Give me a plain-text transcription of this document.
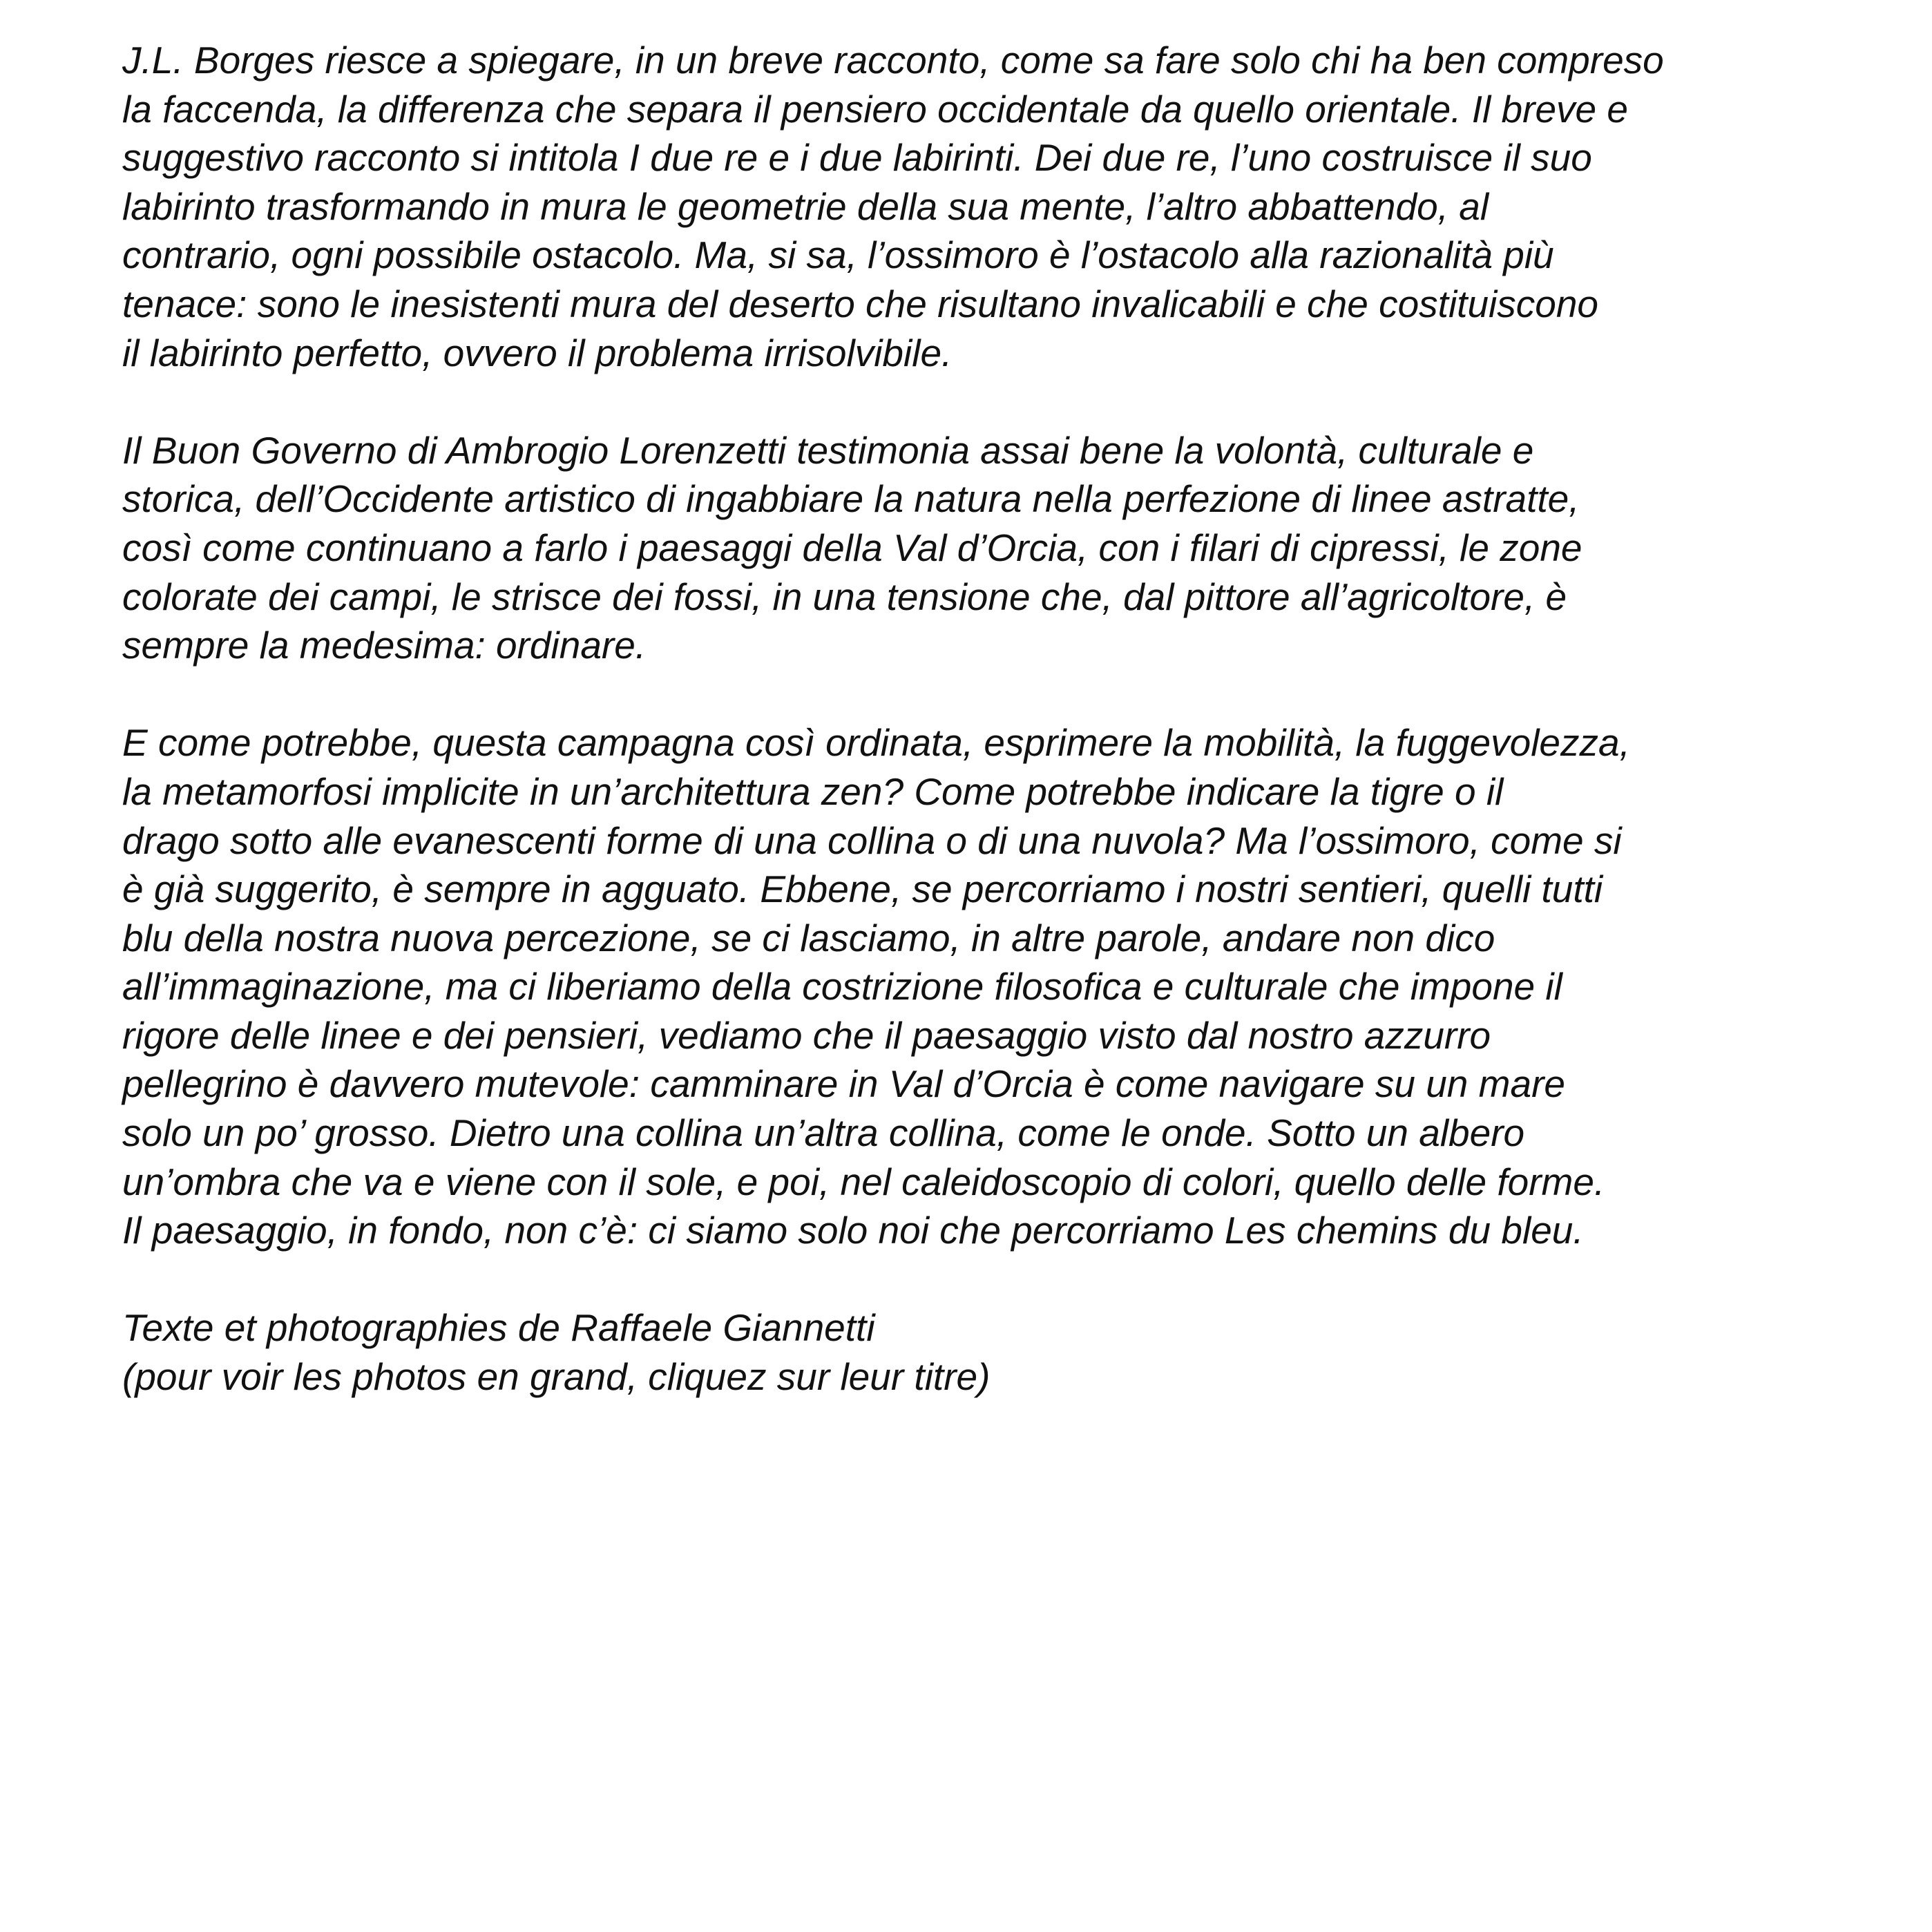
J.L. Borges riesce a spiegare, in un breve racconto, come sa fare solo chi ha ben compreso
la faccenda, la differenza che separa il pensiero occidentale da quello orientale. Il breve e
suggestivo racconto si intitola I due re e i due labirinti. Dei due re, l’uno costruisce il suo
labirinto trasformando in mura le geometrie della sua mente, l’altro abbattendo, al
contrario, ogni possibile ostacolo. Ma, si sa, l’ossimoro è l’ostacolo alla razionalità più
tenace: sono le inesistenti mura del deserto che risultano invalicabili e che costituiscono
il labirinto perfetto, ovvero il problema irrisolvibile.

Il Buon Governo di Ambrogio Lorenzetti testimonia assai bene la volontà, culturale e
storica, dell’Occidente artistico di ingabbiare la natura nella perfezione di linee astratte,
così come continuano a farlo i paesaggi della Val d’Orcia, con i filari di cipressi, le zone
colorate dei campi, le strisce dei fossi, in una tensione che, dal pittore all’agricoltore, è
sempre la medesima: ordinare.

E come potrebbe, questa campagna così ordinata, esprimere la mobilità, la fuggevolezza,
la metamorfosi implicite in un’architettura zen? Come potrebbe indicare la tigre o il
drago sotto alle evanescenti forme di una collina o di una nuvola? Ma l’ossimoro, come si
è già suggerito, è sempre in agguato. Ebbene, se percorriamo i nostri sentieri, quelli tutti
blu della nostra nuova percezione, se ci lasciamo, in altre parole, andare non dico
all’immaginazione, ma ci liberiamo della costrizione filosofica e culturale che impone il
rigore delle linee e dei pensieri, vediamo che il paesaggio visto dal nostro azzurro
pellegrino è davvero mutevole: camminare in Val d’Orcia è come navigare su un mare
solo un po’ grosso. Dietro una collina un’altra collina, come le onde. Sotto un albero
un’ombra che va e viene con il sole, e poi, nel caleidoscopio di colori, quello delle forme.
Il paesaggio, in fondo, non c’è: ci siamo solo noi che percorriamo Les chemins du bleu.

Texte et photographies de Raffaele Giannetti
(pour voir les photos en grand, cliquez sur leur titre)
